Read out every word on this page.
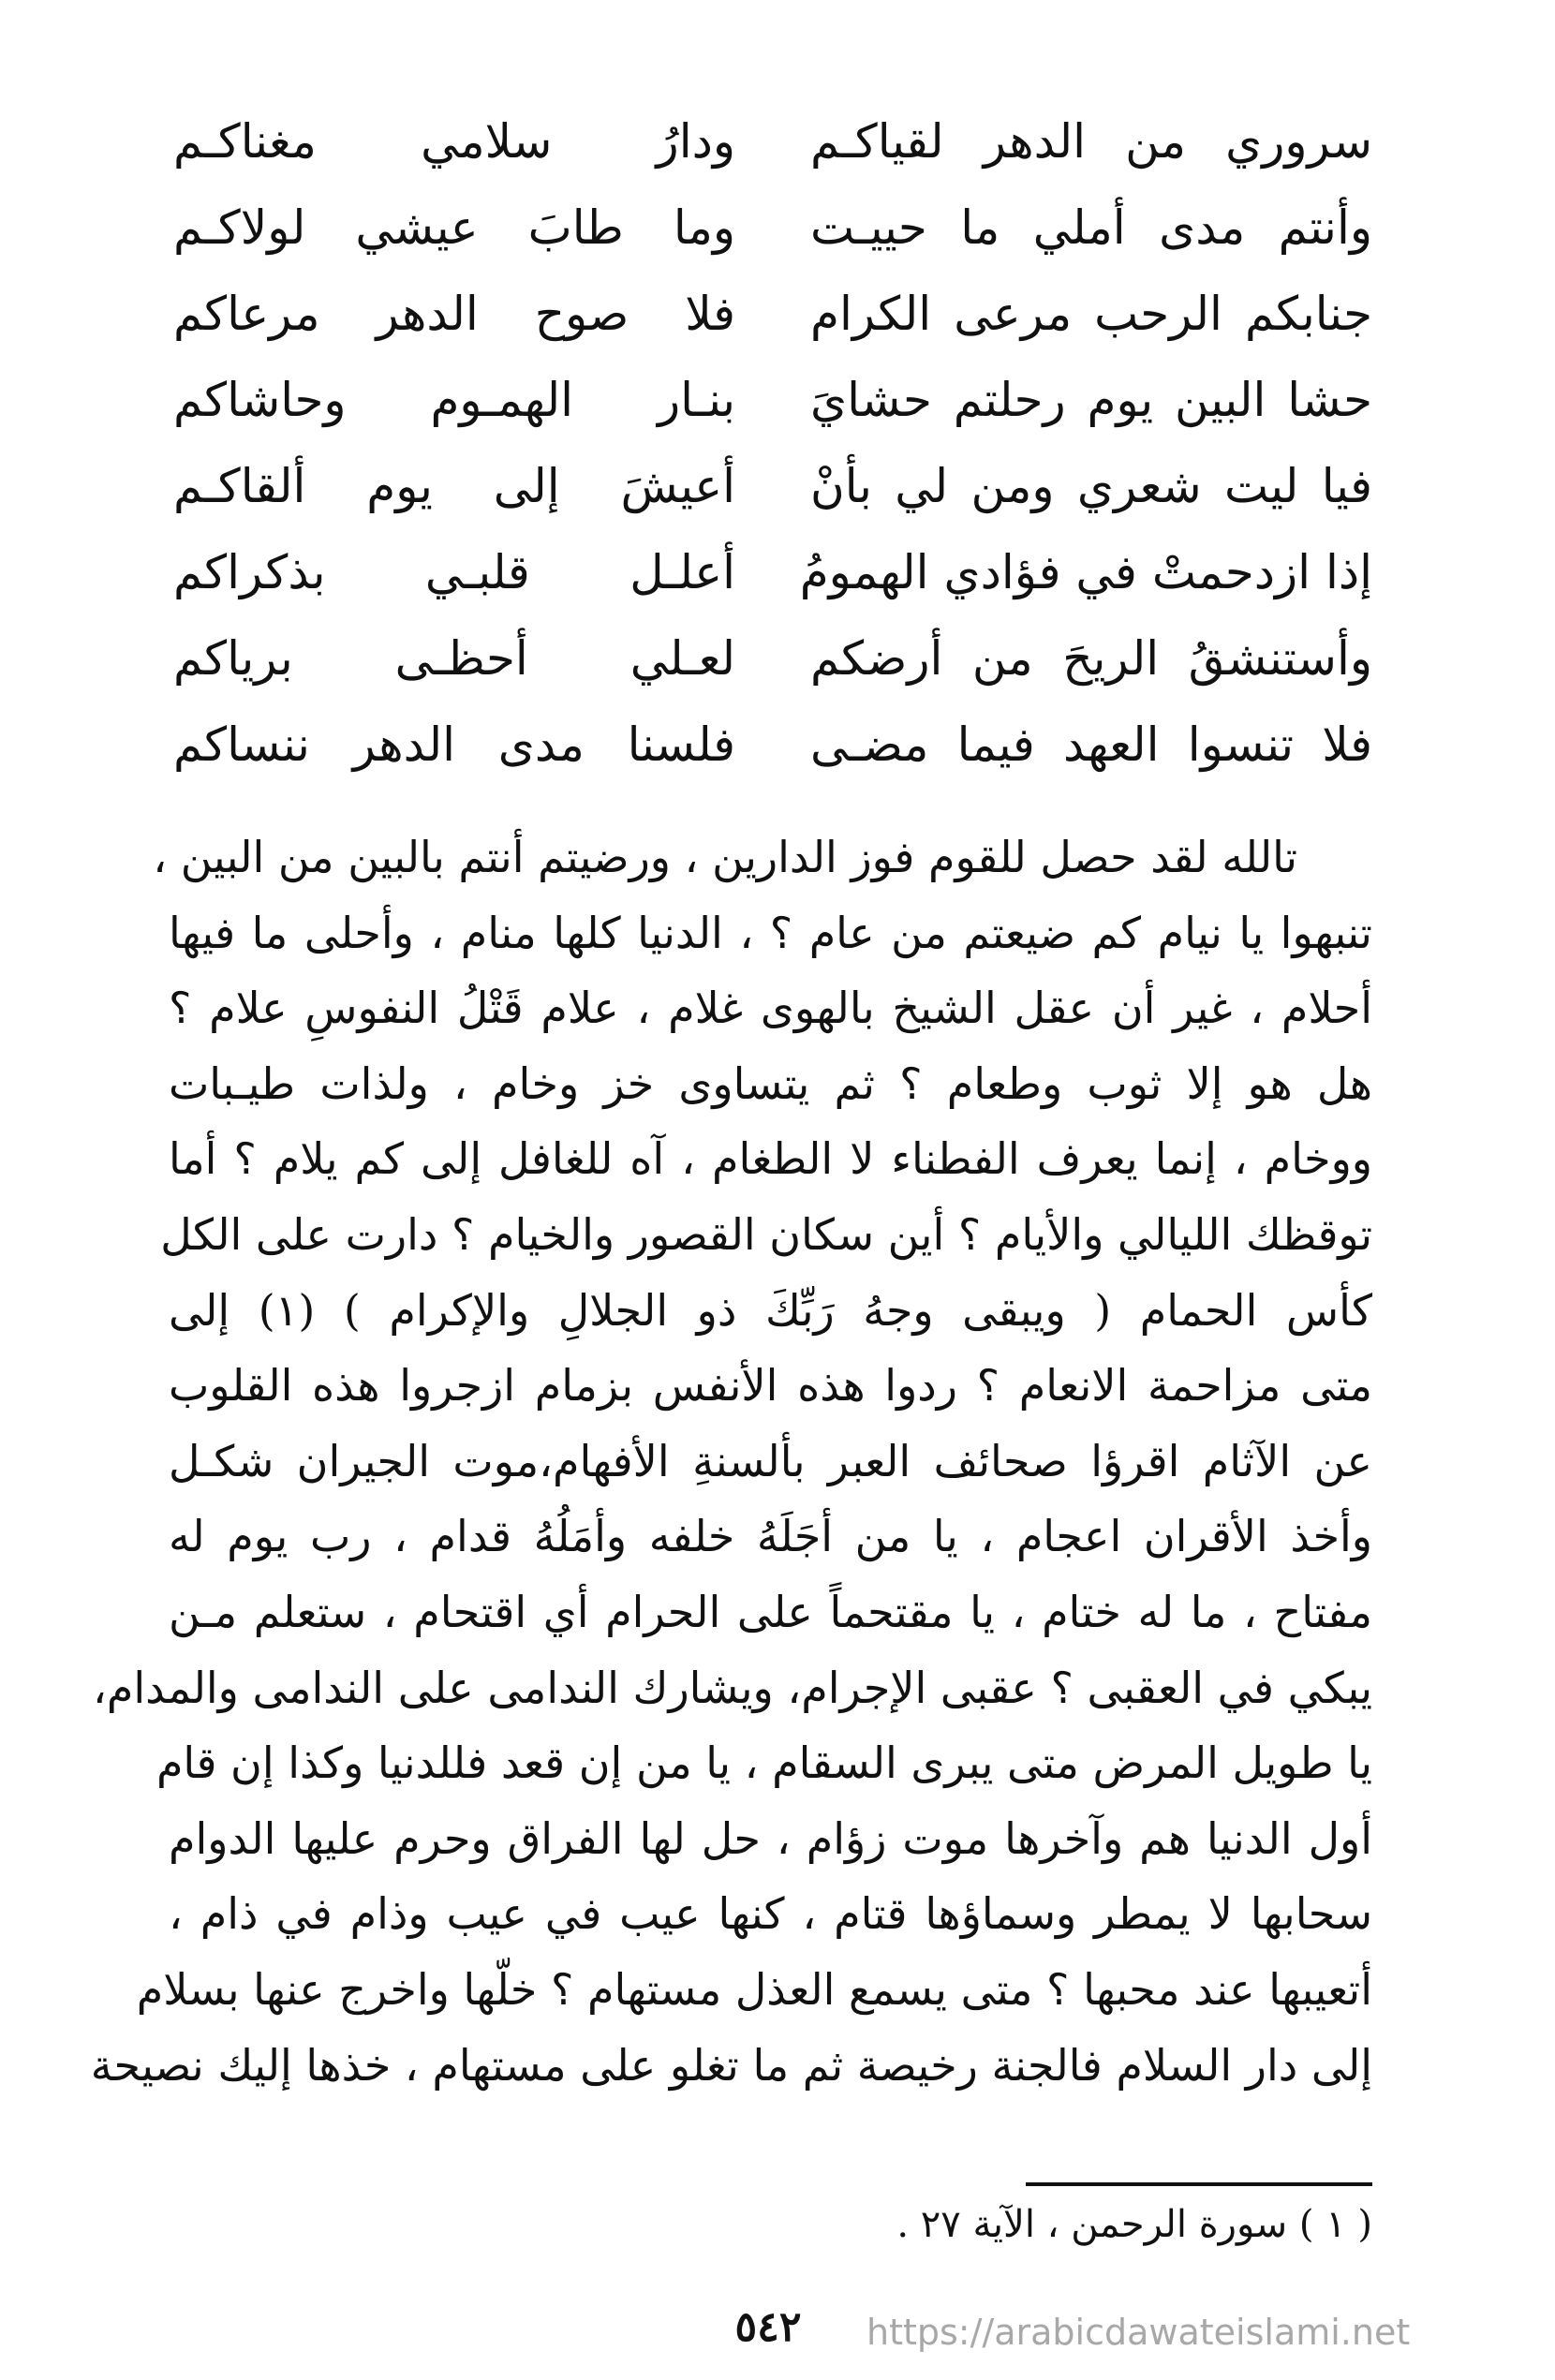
سروري من الدهر لقياكـم
ودارُ سلامي مغناكـم
وأنتم مدى أملي ما حييـت
وما طابَ عيشي لولاكـم
جنابكم الرحب مرعى الكرام
فلا صوح الدهر مرعاكم
حشا البين يوم رحلتم حشايَ
بنـار الهمـوم وحاشاكم
فيا ليت شعري ومن لي بأنْ
أعيشَ إلى يوم ألقاكـم
إذا ازدحمتْ في فؤادي الهمومُ
أعلـل قلبـي بذكراكم
وأستنشقُ الريحَ من أرضكم
لعـلي أحظـى برياكم
فلا تنسوا العهد فيما مضـى
فلسنا مدى الدهر ننساكم
تالله لقد حصل للقوم فوز الدارين ، ورضيتم أنتم بالبين من البين ،
تنبهوا يا نيام كم ضيعتم من عام ؟ ، الدنيا كلها منام ، وأحلى ما فيها
أحلام ، غير أن عقل الشيخ بالهوى غلام ، علام قَتْلُ النفوسِ علام ؟
هل هو إلا ثوب وطعام ؟ ثم يتساوى خز وخام ، ولذات طيـبات
ووخام ، إنما يعرف الفطناء لا الطغام ، آه للغافل إلى كم يلام ؟ أما
توقظك الليالي والأيام ؟ أين سكان القصور والخيام ؟ دارت على الكل
كأس الحمام ( ويبقى وجهُ رَبِّكَ ذو الجلالِ والإكرام ) (١) إلى
متى مزاحمة الانعام ؟ ردوا هذه الأنفس بزمام ازجروا هذه القلوب
عن الآثام اقرؤا صحائف العبر بألسنةِ الأفهام،موت الجيران شكـل
وأخذ الأقران اعجام ، يا من أجَلَهُ خلفه وأمَلُهُ قدام ، رب يوم له
مفتاح ، ما له ختام ، يا مقتحماً على الحرام أي اقتحام ، ستعلم مـن
يبكي في العقبى ؟ عقبى الإجرام، ويشارك الندامى على الندامى والمدام،
يا طويل المرض متى يبرى السقام ، يا من إن قعد فللدنيا وكذا إن قام
أول الدنيا هم وآخرها موت زؤام ، حل لها الفراق وحرم عليها الدوام
سحابها لا يمطر وسماؤها قتام ، كنها عيب في عيب وذام في ذام ،
أتعيبها عند محبها ؟ متى يسمع العذل مستهام ؟ خلّها واخرج عنها بسلام
إلى دار السلام فالجنة رخيصة ثم ما تغلو على مستهام ، خذها إليك نصيحة
( ١ ) سورة الرحمن ، الآية ٢٧ .
٥٤٢	https://arabicdawateislami.net
